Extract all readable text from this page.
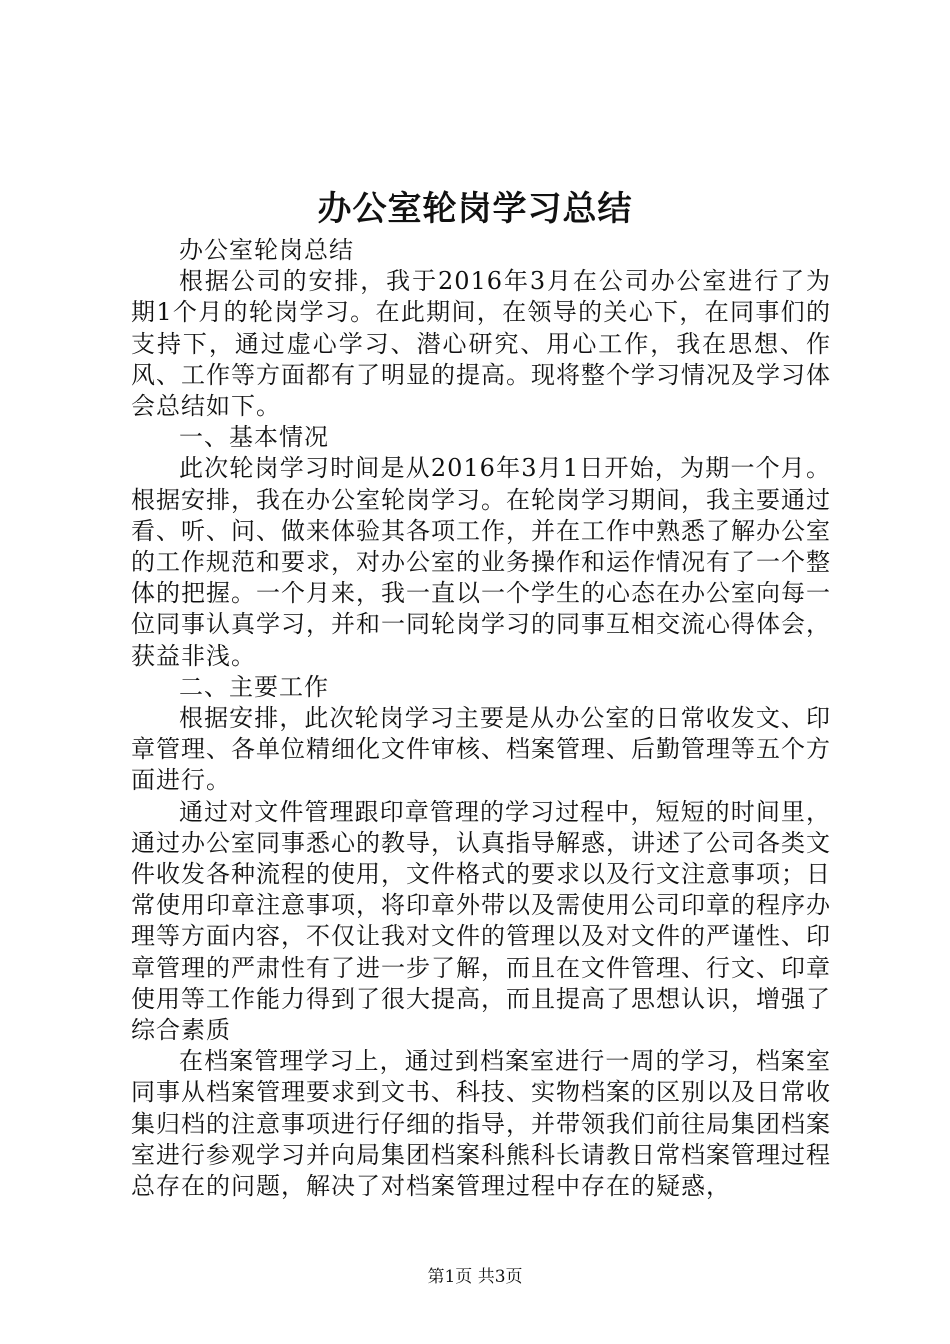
办公室轮岗学习总结

办公室轮岗总结

根据公司的安排，我于2016年3月在公司办公室进行了为期1个月的轮岗学习。在此期间，在领导的关心下，在同事们的支持下，通过虚心学习、潜心研究、用心工作，我在思想、作风、工作等方面都有了明显的提高。现将整个学习情况及学习体会总结如下。

一、基本情况

此次轮岗学习时间是从2016年3月1日开始，为期一个月。根据安排，我在办公室轮岗学习。在轮岗学习期间，我主要通过看、听、问、做来体验其各项工作，并在工作中熟悉了解办公室的工作规范和要求，对办公室的业务操作和运作情况有了一个整体的把握。一个月来，我一直以一个学生的心态在办公室向每一位同事认真学习，并和一同轮岗学习的同事互相交流心得体会，获益非浅。

二、主要工作

根据安排，此次轮岗学习主要是从办公室的日常收发文、印章管理、各单位精细化文件审核、档案管理、后勤管理等五个方面进行。

通过对文件管理跟印章管理的学习过程中，短短的时间里，通过办公室同事悉心的教导，认真指导解惑，讲述了公司各类文件收发各种流程的使用，文件格式的要求以及行文注意事项；日常使用印章注意事项，将印章外带以及需使用公司印章的程序办理等方面内容，不仅让我对文件的管理以及对文件的严谨性、印章管理的严肃性有了进一步了解，而且在文件管理、行文、印章使用等工作能力得到了很大提高，而且提高了思想认识，增强了综合素质

在档案管理学习上，通过到档案室进行一周的学习，档案室同事从档案管理要求到文书、科技、实物档案的区别以及日常收集归档的注意事项进行仔细的指导，并带领我们前往局集团档案室进行参观学习并向局集团档案科熊科长请教日常档案管理过程总存在的问题，解决了对档案管理过程中存在的疑惑，

第1页 共3页
